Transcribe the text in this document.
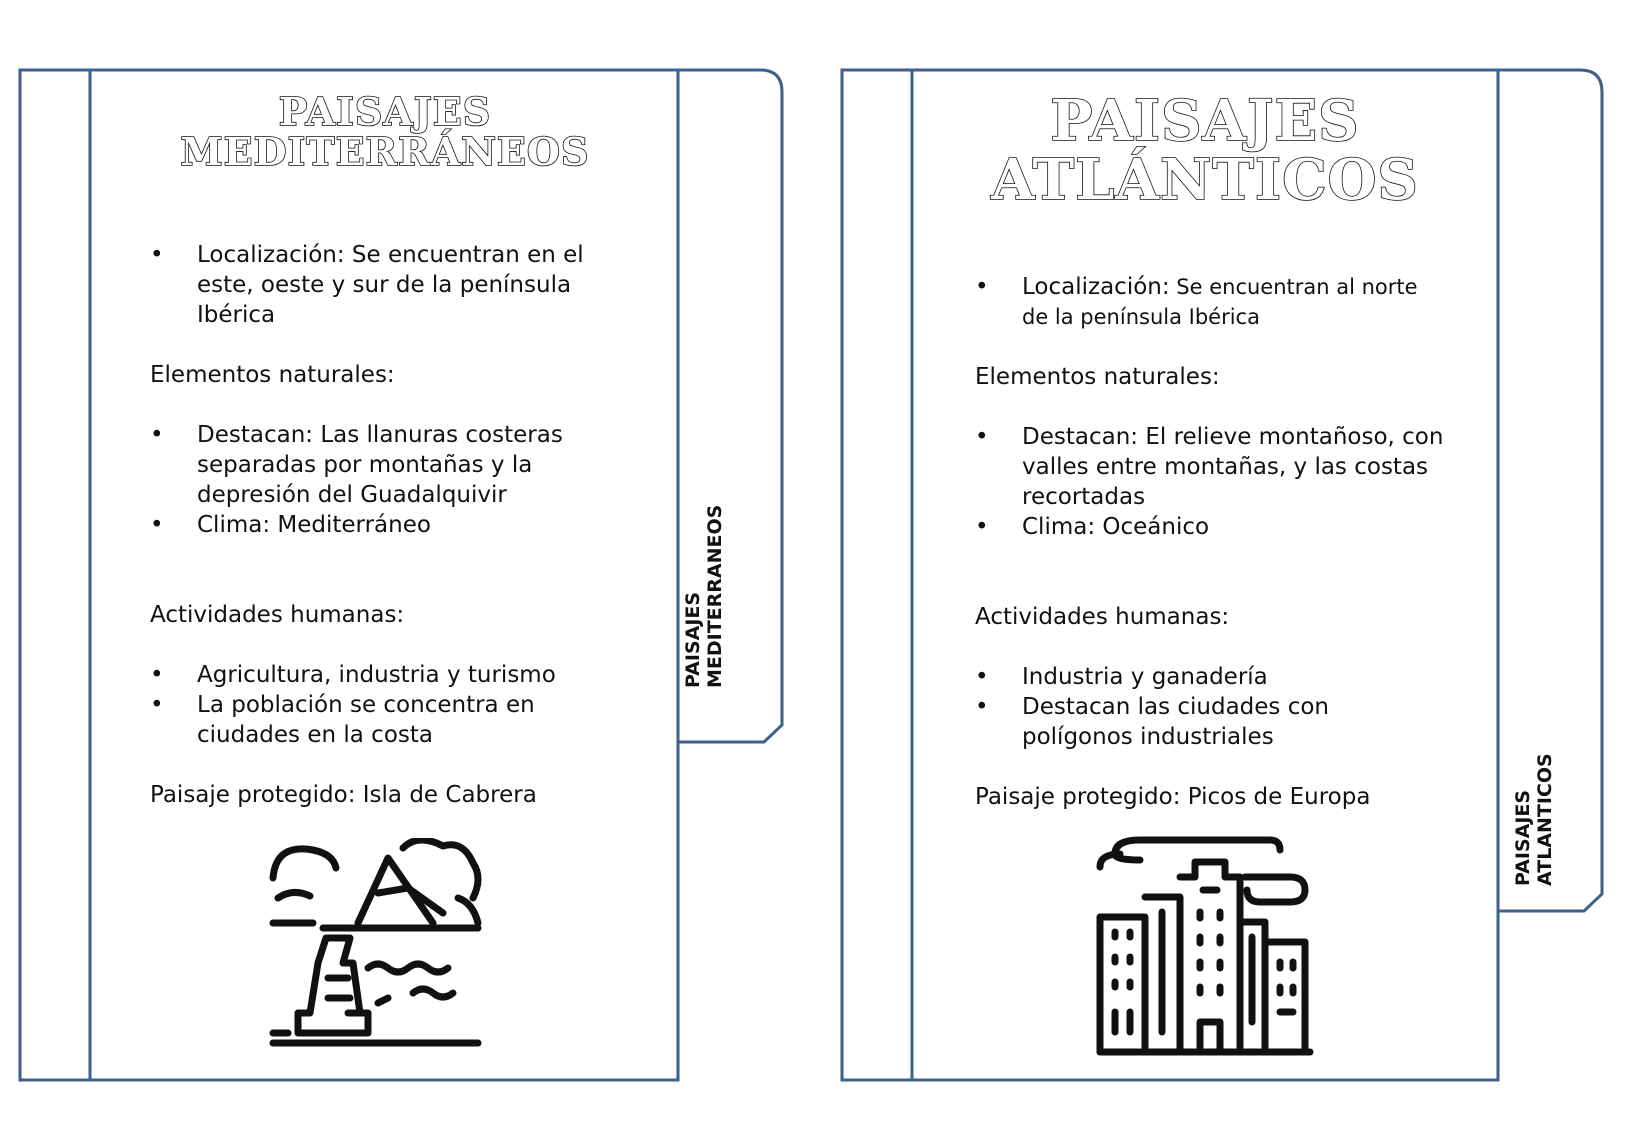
PAISAJES
MEDITERRÁNEOS
• Localización: Se encuentran en el este, oeste y sur de la península Ibérica

Elementos naturales:

• Destacan: Las llanuras costeras separadas por montañas y la depresión del Guadalquivir
• Clima: Mediterráneo

Actividades humanas:

• Agricultura, industria y turismo
• La población se concentra en ciudades en la costa

Paisaje protegido: Isla de Cabrera

PAISAJES MEDITERRANEOS
PAISAJES
ATLÁNTICOS
• Localización: Se encuentran al norte de la península Ibérica

Elementos naturales:

• Destacan: El relieve montañoso, con valles entre montañas, y las costas recortadas
• Clima: Oceánico

Actividades humanas:

• Industria y ganadería
• Destacan las ciudades con polígonos industriales

Paisaje protegido: Picos de Europa	PAISAJES ATLANTICOS
